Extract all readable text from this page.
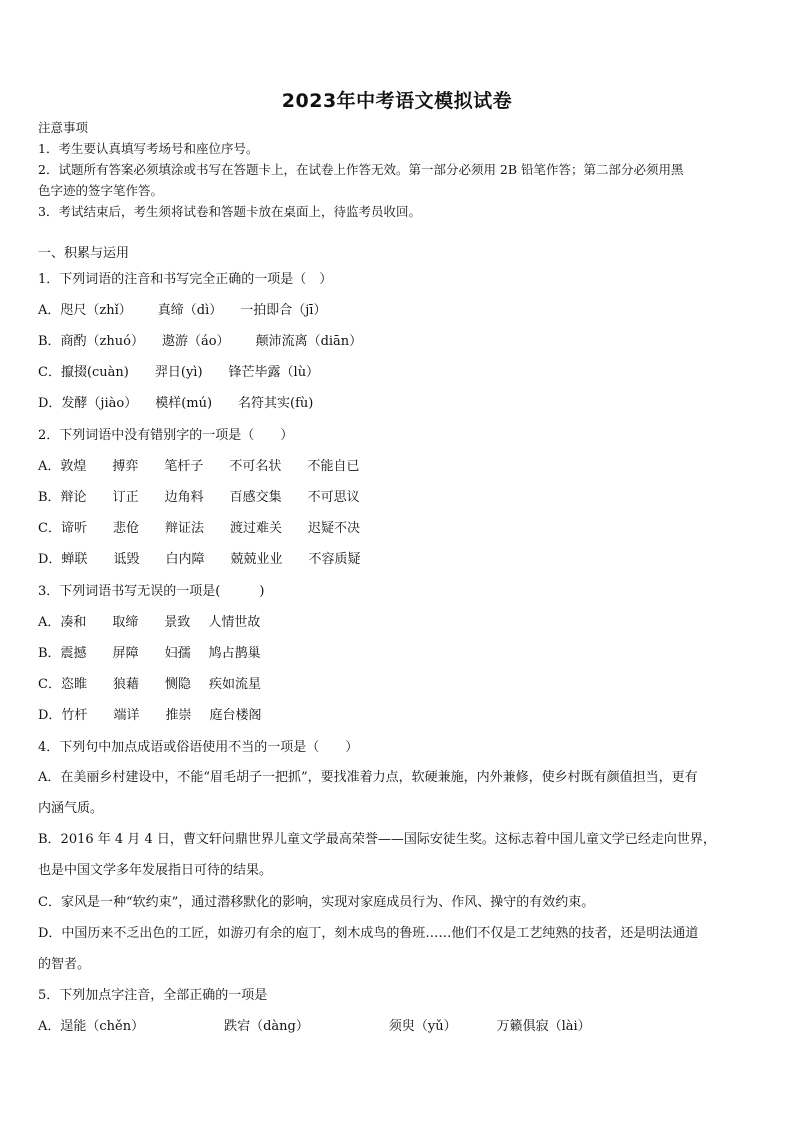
2023年中考语文模拟试卷
注意事项
1．考生要认真填写考场号和座位序号。
2．试题所有答案必须填涂或书写在答题卡上，在试卷上作答无效。第一部分必须用 2B 铅笔作答；第二部分必须用黑
色字迹的签字笔作答。
3．考试结束后，考生须将试卷和答题卡放在桌面上，待监考员收回。
一、积累与运用
1．下列词语的注音和书写完全正确的一项是（　）
A．咫尺（zhǐ） 真缔（dì） 一拍即合（jī）
B．商酌（zhuó） 遨游（áo） 颠沛流离（diān）
C．攛掇(cuàn) 羿日(yì) 锋芒毕露（lù）
D．发酵（jiào） 模样(mú) 名符其实(fù)
2．下列词语中没有错别字的一项是（　　）
A．敦煌 搏弈 笔杆子 不可名状 不能自已
B．辩论 订正 边角料 百感交集 不可思议
C．谛听 悲伧 辩证法 渡过难关 迟疑不决
D．蝉联 诋毁 白内障 兢兢业业 不容质疑
3．下列词语书写无误的一项是(　　　)
A．凑和 取缔 景致 人情世故
B．震撼 屏障 妇孺 鸠占鹊巢
C．恣睢 狼藉 恻隐 疾如流星
D．竹杆 端详 推崇 庭台楼阁
4．下列句中加点成语或俗语使用不当的一项是（　　）
A．在美丽乡村建设中，不能“眉毛胡子一把抓”，要找准着力点，软硬兼施，内外兼修，使乡村既有颜值担当，更有
内涵气质。
B．2016 年 4 月 4 日，曹文轩问鼎世界儿童文学最高荣誉——国际安徒生奖。这标志着中国儿童文学已经走向世界，
也是中国文学多年发展指日可待的结果。
C．家风是一种“软约束”，通过潜移默化的影响，实现对家庭成员行为、作风、操守的有效约束。
D．中国历来不乏出色的工匠，如游刃有余的庖丁，刻木成鸟的鲁班……他们不仅是工艺纯熟的技者，还是明法通道
的智者。
5．下列加点字注音，全部正确的一项是
A．逞能（chěn）	跌宕（dàng）	须臾（yǔ）	万籁俱寂（lài）
